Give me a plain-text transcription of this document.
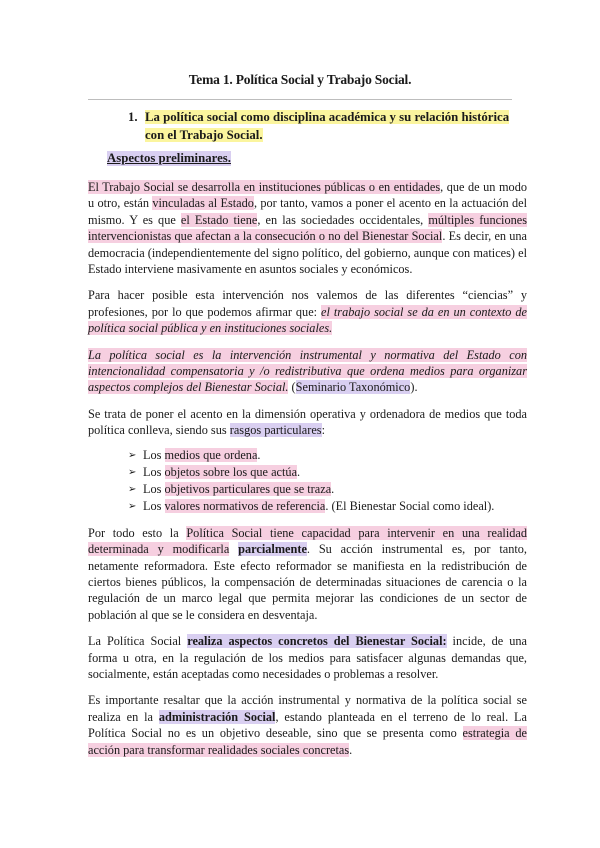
Tema 1. Política Social y Trabajo Social.
1. La política social como disciplina académica y su relación histórica con el Trabajo Social.
Aspectos preliminares.

El Trabajo Social se desarrolla en instituciones públicas o en entidades, que de un modo u otro, están vinculadas al Estado, por tanto, vamos a poner el acento en la actuación del mismo. Y es que el Estado tiene, en las sociedades occidentales, múltiples funciones intervencionistas que afectan a la consecución o no del Bienestar Social. Es decir, en una democracia (independientemente del signo político, del gobierno, aunque con matices) el Estado interviene masivamente en asuntos sociales y económicos.

Para hacer posible esta intervención nos valemos de las diferentes “ciencias” y profesiones, por lo que podemos afirmar que: el trabajo social se da en un contexto de política social pública y en instituciones sociales.

La política social es la intervención instrumental y normativa del Estado con intencionalidad compensatoria y /o redistributiva que ordena medios para organizar aspectos complejos del Bienestar Social. (Seminario Taxonómico).

Se trata de poner el acento en la dimensión operativa y ordenadora de medios que toda política conlleva, siendo sus rasgos particulares:

➢ Los medios que ordena.
➢ Los objetos sobre los que actúa.
➢ Los objetivos particulares que se traza.
➢ Los valores normativos de referencia. (El Bienestar Social como ideal).

Por todo esto la Política Social tiene capacidad para intervenir en una realidad determinada y modificarla parcialmente. Su acción instrumental es, por tanto, netamente reformadora. Este efecto reformador se manifiesta en la redistribución de ciertos bienes públicos, la compensación de determinadas situaciones de carencia o la regulación de un marco legal que permita mejorar las condiciones de un sector de población al que se le considera en desventaja.

La Política Social realiza aspectos concretos del Bienestar Social: incide, de una forma u otra, en la regulación de los medios para satisfacer algunas demandas que, socialmente, están aceptadas como necesidades o problemas a resolver.

Es importante resaltar que la acción instrumental y normativa de la política social se realiza en la administración Social, estando planteada en el terreno de lo real. La Política Social no es un objetivo deseable, sino que se presenta como estrategia de acción para transformar realidades sociales concretas.
